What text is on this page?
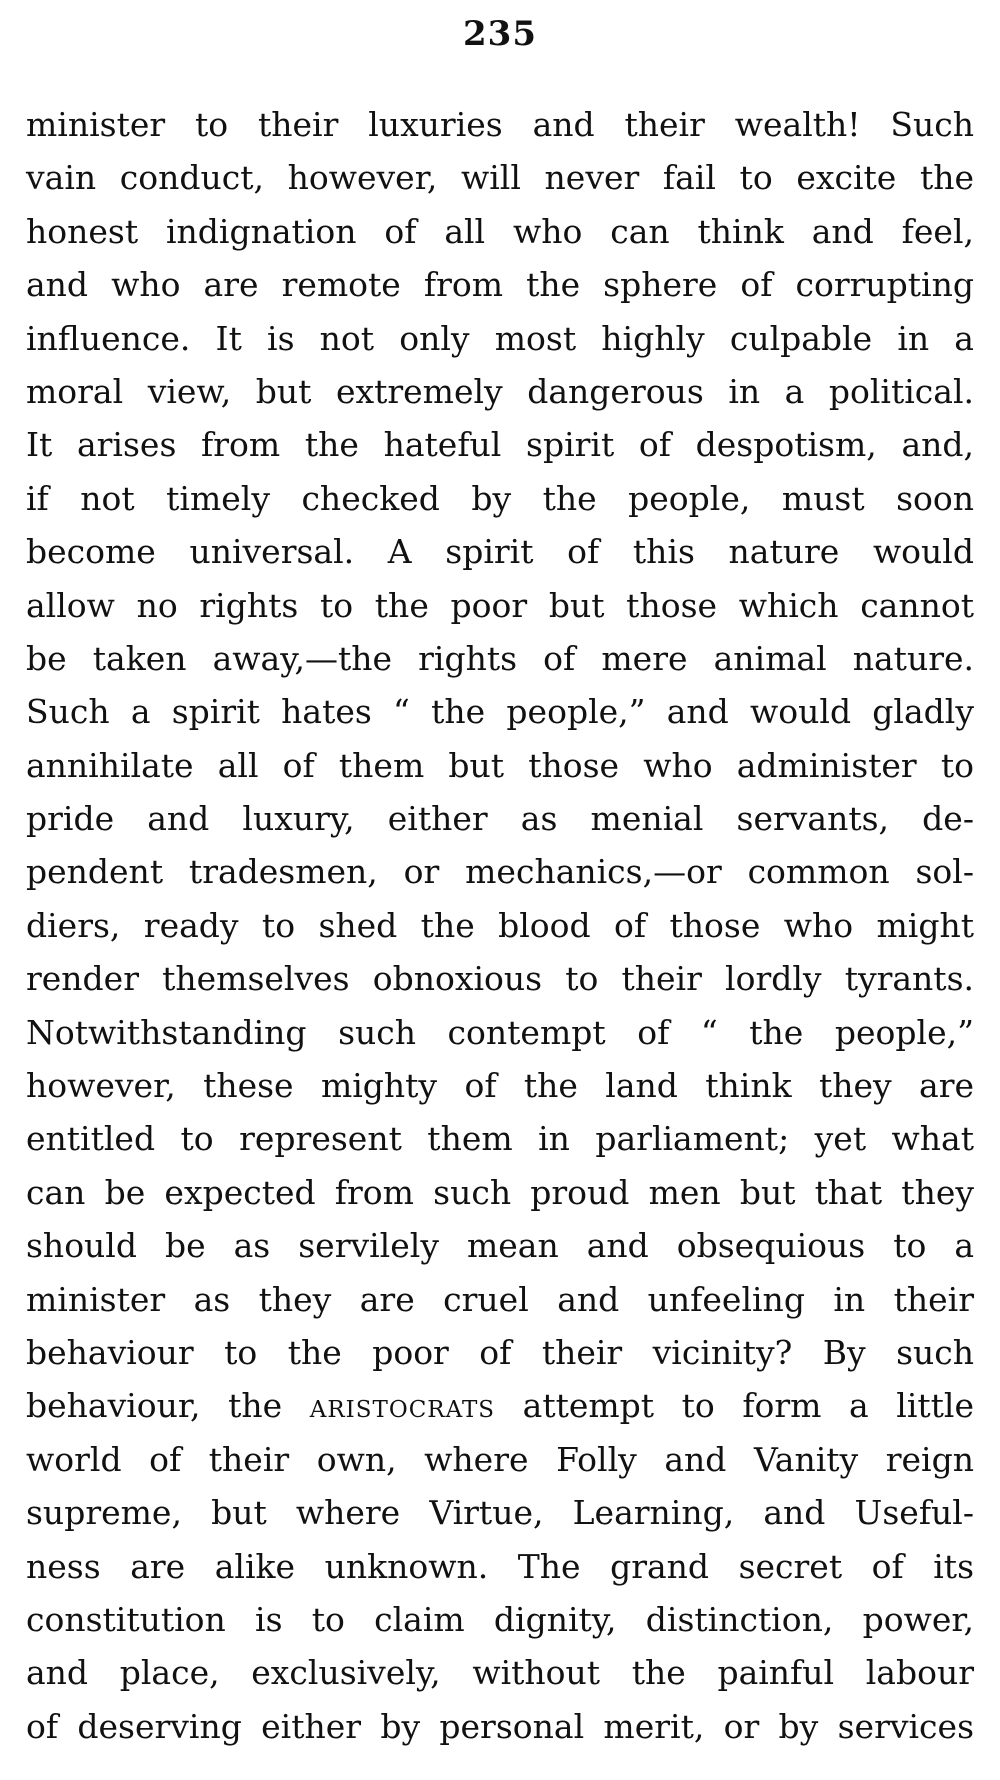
235
minister to their luxuries and their wealth! Such
vain conduct, however, will never fail to excite the
honest indignation of all who can think and feel,
and who are remote from the sphere of corrupting
influence. It is not only most highly culpable in a
moral view, but extremely dangerous in a political.
It arises from the hateful spirit of despotism, and,
if not timely checked by the people, must soon
become universal. A spirit of this nature would
allow no rights to the poor but those which cannot
be taken away,—the rights of mere animal nature.
Such a spirit hates “ the people,” and would gladly
annihilate all of them but those who administer to
pride and luxury, either as menial servants, de-
pendent tradesmen, or mechanics,—or common sol-
diers, ready to shed the blood of those who might
render themselves obnoxious to their lordly tyrants.
Notwithstanding such contempt of “ the people,”
however, these mighty of the land think they are
entitled to represent them in parliament; yet what
can be expected from such proud men but that they
should be as servilely mean and obsequious to a
minister as they are cruel and unfeeling in their
behaviour to the poor of their vicinity? By such
behaviour, the aristocrats attempt to form a little
world of their own, where Folly and Vanity reign
supreme, but where Virtue, Learning, and Useful-
ness are alike unknown. The grand secret of its
constitution is to claim dignity, distinction, power,
and place, exclusively, without the painful labour
of deserving either by personal merit, or by services
